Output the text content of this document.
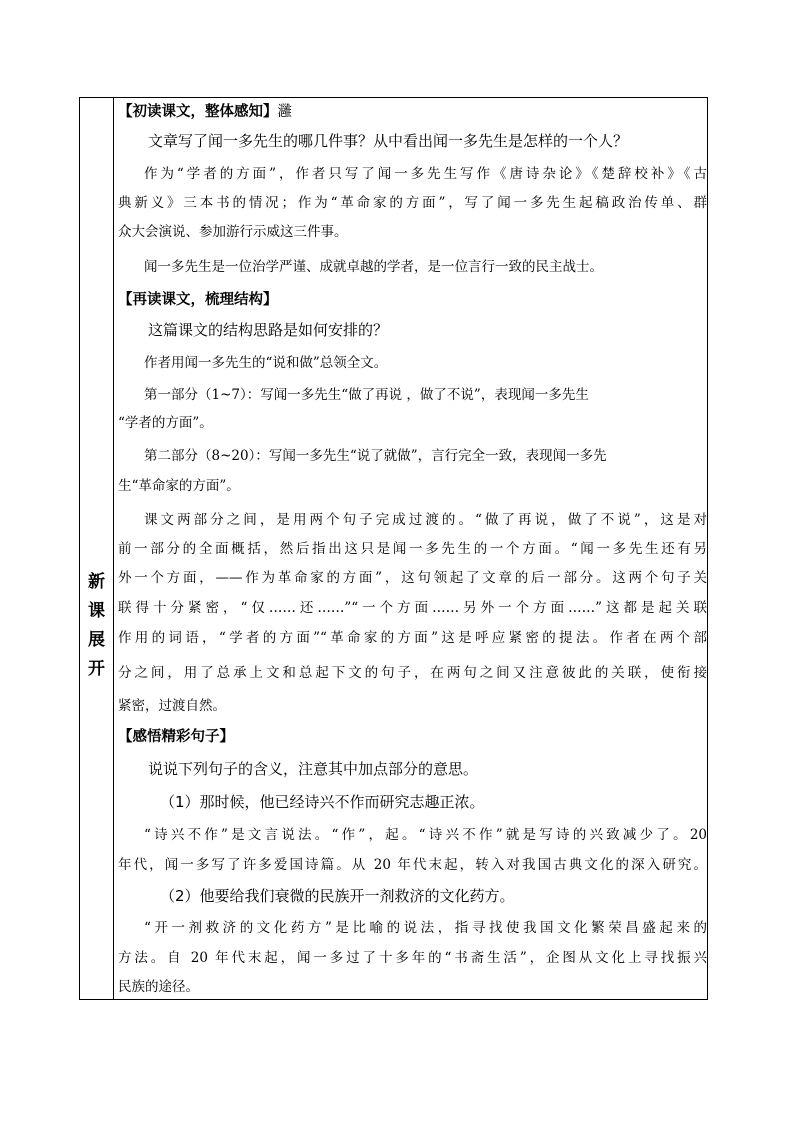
新
课
展
开
【初读课文，整体感知】灉
文章写了闻一多先生的哪几件事？从中看出闻一多先生是怎样的一个人？
作为“学者的方面”，作者只写了闻一多先生写作《唐诗杂论》《楚辞校补》《古
典新义》三本书的情况；作为“革命家的方面”，写了闻一多先生起稿政治传单、群
众大会演说、参加游行示威这三件事。
闻一多先生是一位治学严谨、成就卓越的学者，是一位言行一致的民主战士。
【再读课文，梳理结构】
这篇课文的结构思路是如何安排的？
作者用闻一多先生的“说和做”总领全文。
第一部分（1~7）：写闻一多先生“做了再说 ，做了不说”，表现闻一多先生
“学者的方面”。
第二部分（8~20）：写闻一多先生“说了就做”，言行完全一致，表现闻一多先
生“革命家的方面”。
课文两部分之间，是用两个句子完成过渡的。“做了再说，做了不说”，这是对
前一部分的全面概括，然后指出这只是闻一多先生的一个方面。“闻一多先生还有另
外一个方面，——作为革命家的方面”，这句领起了文章的后一部分。这两个句子关
联得十分紧密，“仅……还……”“一个方面……另外一个方面……”这都是起关联
作用的词语，“学者的方面”“革命家的方面”这是呼应紧密的提法。作者在两个部
分之间，用了总承上文和总起下文的句子，在两句之间又注意彼此的关联，使衔接
紧密，过渡自然。
【感悟精彩句子】
说说下列句子的含义，注意其中加点部分的意思。
（1）那时候，他已经诗兴不作而研究志趣正浓。
“诗兴不作”是文言说法。“作”，起。“诗兴不作”就是写诗的兴致减少了。20
年代，闻一多写了许多爱国诗篇。从 20 年代末起，转入对我国古典文化的深入研究。
（2）他要给我们衰微的民族开一剂救济的文化药方。
“开一剂救济的文化药方”是比喻的说法，指寻找使我国文化繁荣昌盛起来的
方法。自 20 年代末起，闻一多过了十多年的“书斋生活”，企图从文化上寻找振兴
民族的途径。
